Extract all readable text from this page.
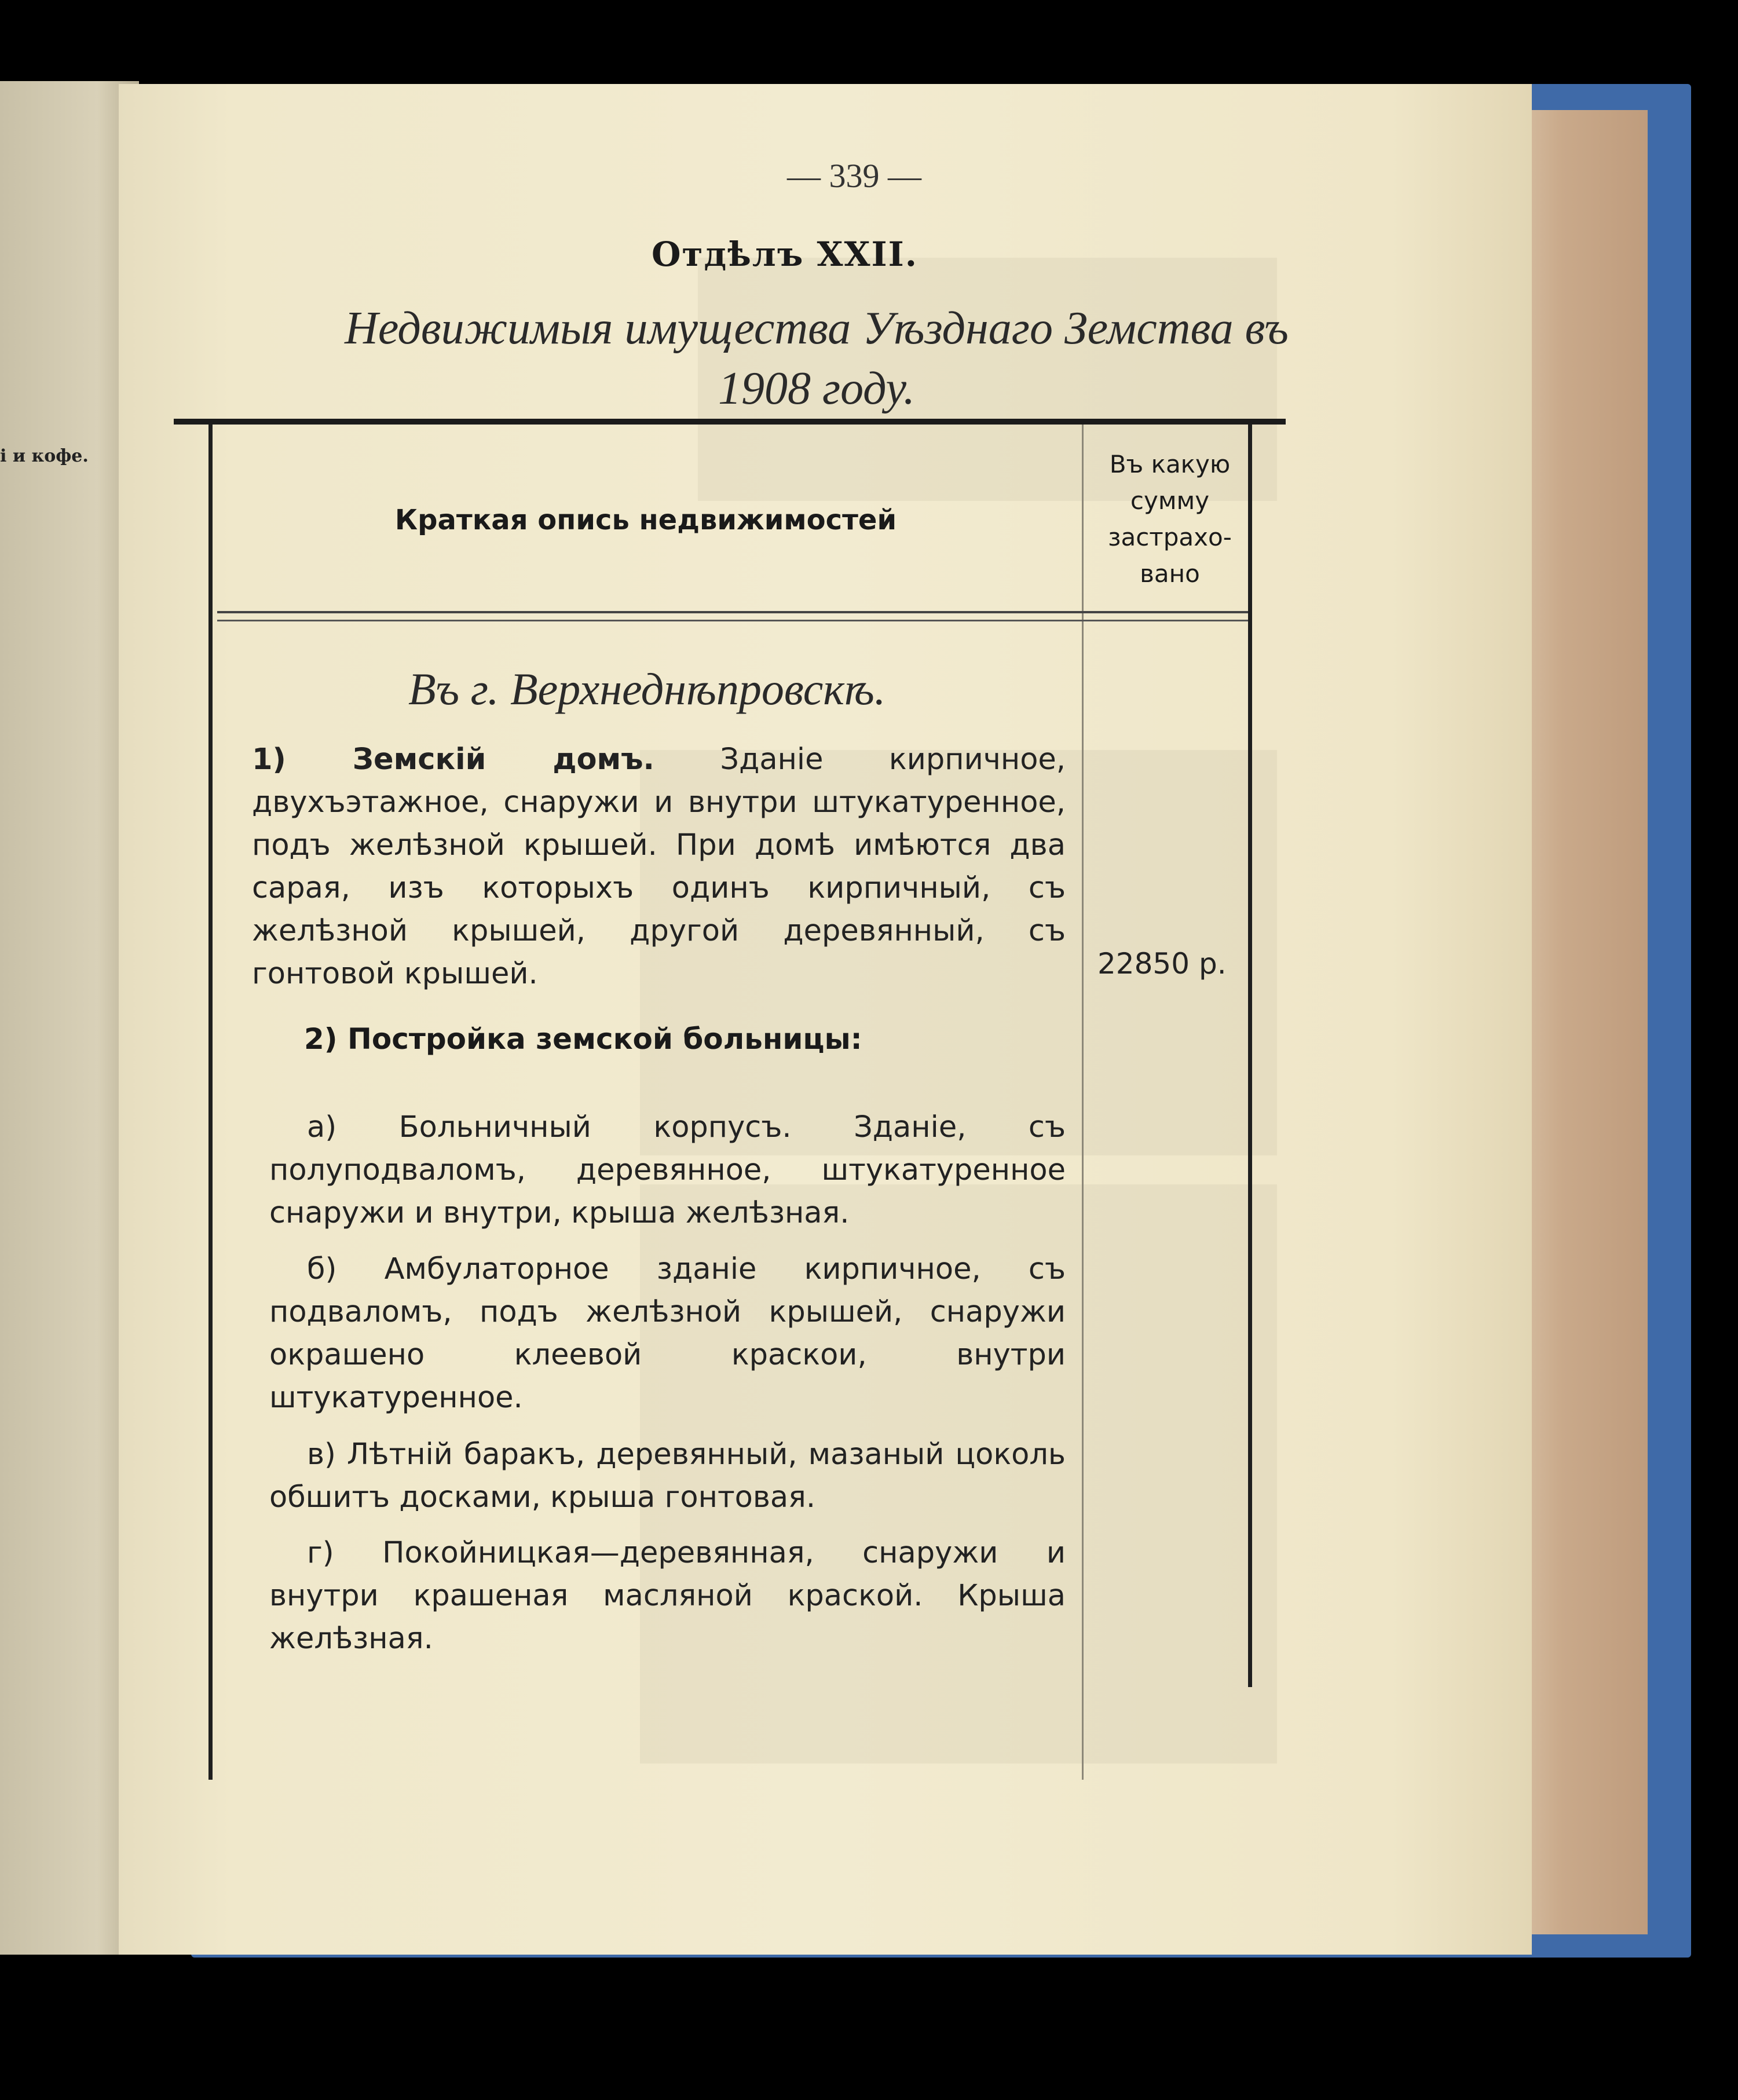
і и кофе.
— 339 —
Отдѣлъ XXII.
Недвижимыя имущества Уѣзднаго Земства въ
1908 году.
Краткая опись недвижимостей
Въ какую
сумму
застрахо-
вано
Въ г. Верхнеднѣпровскѣ.
1) Земскій домъ. Зданіе кирпичное, двухъэтажное, снаружи и внутри штукатуренное, подъ желѣзной крышей. При домѣ имѣются два сарая, изъ которыхъ одинъ кирпичный, съ желѣзной крышей, другой деревянный, съ гонтовой крышей.	22850 р.
2) Постройка земской больницы:
а) Больничный корпусъ. Зданіе, съ полуподваломъ, деревянное, штукатуренное снаружи и внутри, крыша желѣзная.
б) Амбулаторное зданіе кирпичное, съ подваломъ, подъ желѣзной крышей, снаружи окрашено клеевой краскои, внутри штукатуренное.
в) Лѣтній баракъ, деревянный, мазаный цоколь обшитъ досками, крыша гонтовая.
г) Покойницкая—деревянная, снаружи и внутри крашеная масляной краской. Крыша желѣзная.
